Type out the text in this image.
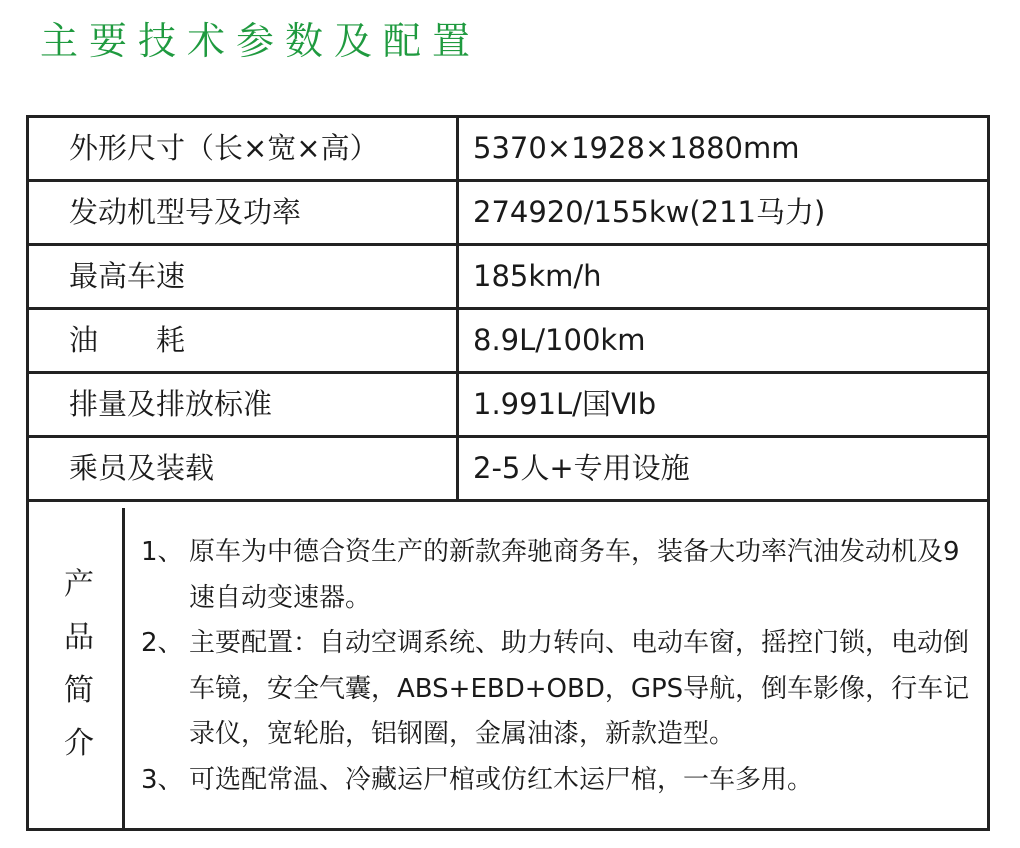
主要技术参数及配置
外形尺寸（长×宽×高）	5370×1928×1880mm
发动机型号及功率	274920/155kw(211马力)
最高车速	185km/h
油　　耗	8.9L/100km
排量及排放标准	1.991L/国Ⅵb
乘员及装载	2-5人+专用设施
产品简介
1、 原车为中德合资生产的新款奔驰商务车，装备大功率汽油发动机及9速自动变速器。
2、 主要配置：自动空调系统、助力转向、电动车窗，摇控门锁，电动倒车镜，安全气囊，ABS+EBD+OBD，GPS导航，倒车影像，行车记录仪，宽轮胎，铝钢圈，金属油漆，新款造型。
3、 可选配常温、冷藏运尸棺或仿红木运尸棺，一车多用。
